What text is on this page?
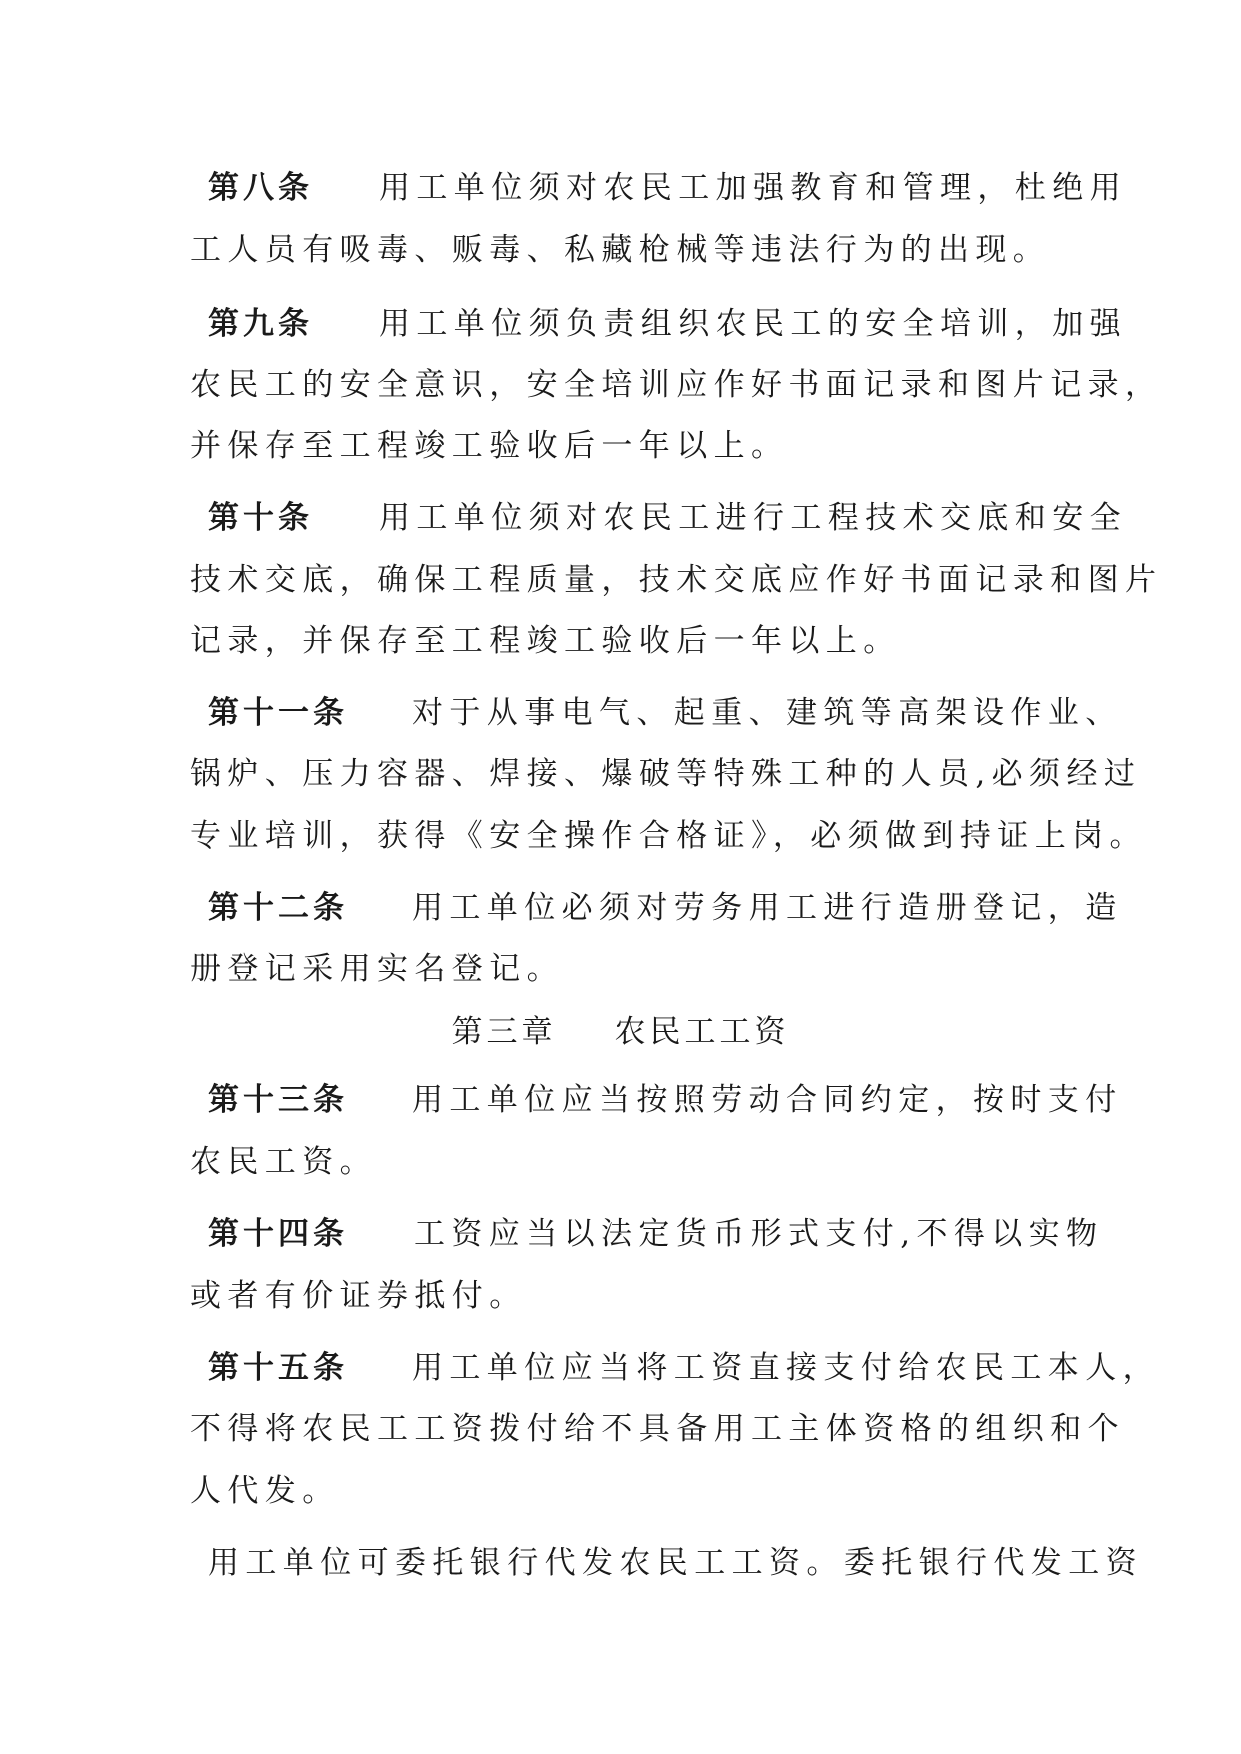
第八条 用工单位须对农民工加强教育和管理，杜绝用
工人员有吸毒、贩毒、私藏枪械等违法行为的出现。
第九条 用工单位须负责组织农民工的安全培训，加强
农民工的安全意识，安全培训应作好书面记录和图片记录，
并保存至工程竣工验收后一年以上。
第十条 用工单位须对农民工进行工程技术交底和安全
技术交底，确保工程质量，技术交底应作好书面记录和图片
记录，并保存至工程竣工验收后一年以上。
第十一条 对于从事电气、起重、建筑等高架设作业、
锅炉、压力容器、焊接、爆破等特殊工种的人员,必须经过
专业培训，获得《安全操作合格证》，必须做到持证上岗。
第十二条 用工单位必须对劳务用工进行造册登记，造
册登记采用实名登记。
第三章 农民工工资
第十三条 用工单位应当按照劳动合同约定，按时支付
农民工资。
第十四条 工资应当以法定货币形式支付,不得以实物
或者有价证券抵付。
第十五条 用工单位应当将工资直接支付给农民工本人，
不得将农民工工资拨付给不具备用工主体资格的组织和个
人代发。
用工单位可委托银行代发农民工工资。委托银行代发工资
